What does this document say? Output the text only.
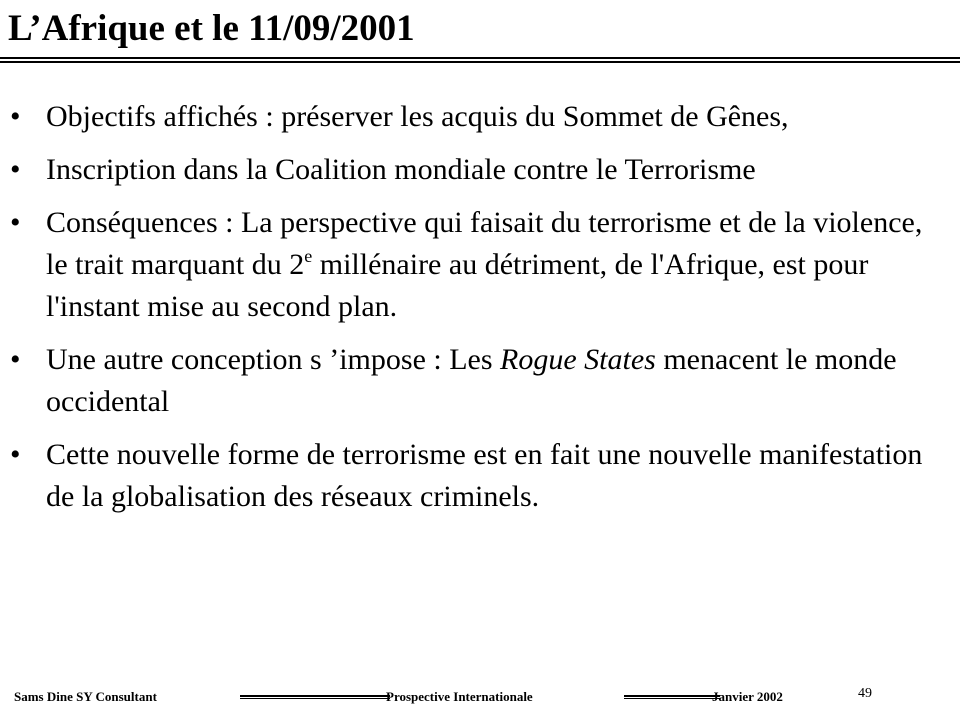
L’Afrique et le 11/09/2001
• Objectifs affichés : préserver les acquis du Sommet de Gênes,
• Inscription dans la Coalition mondiale contre le Terrorisme
• Conséquences : La perspective qui faisait du terrorisme et de la violence, le trait marquant du 2e millénaire au détriment, de l'Afrique, est pour l'instant mise au second plan.
• Une autre conception s ’impose : Les Rogue States menacent le monde occidental
• Cette nouvelle forme de terrorisme est en fait une nouvelle manifestation de la globalisation des réseaux criminels.
Sams Dine SY Consultant	Prospective Internationale	Janvier 2002	49
